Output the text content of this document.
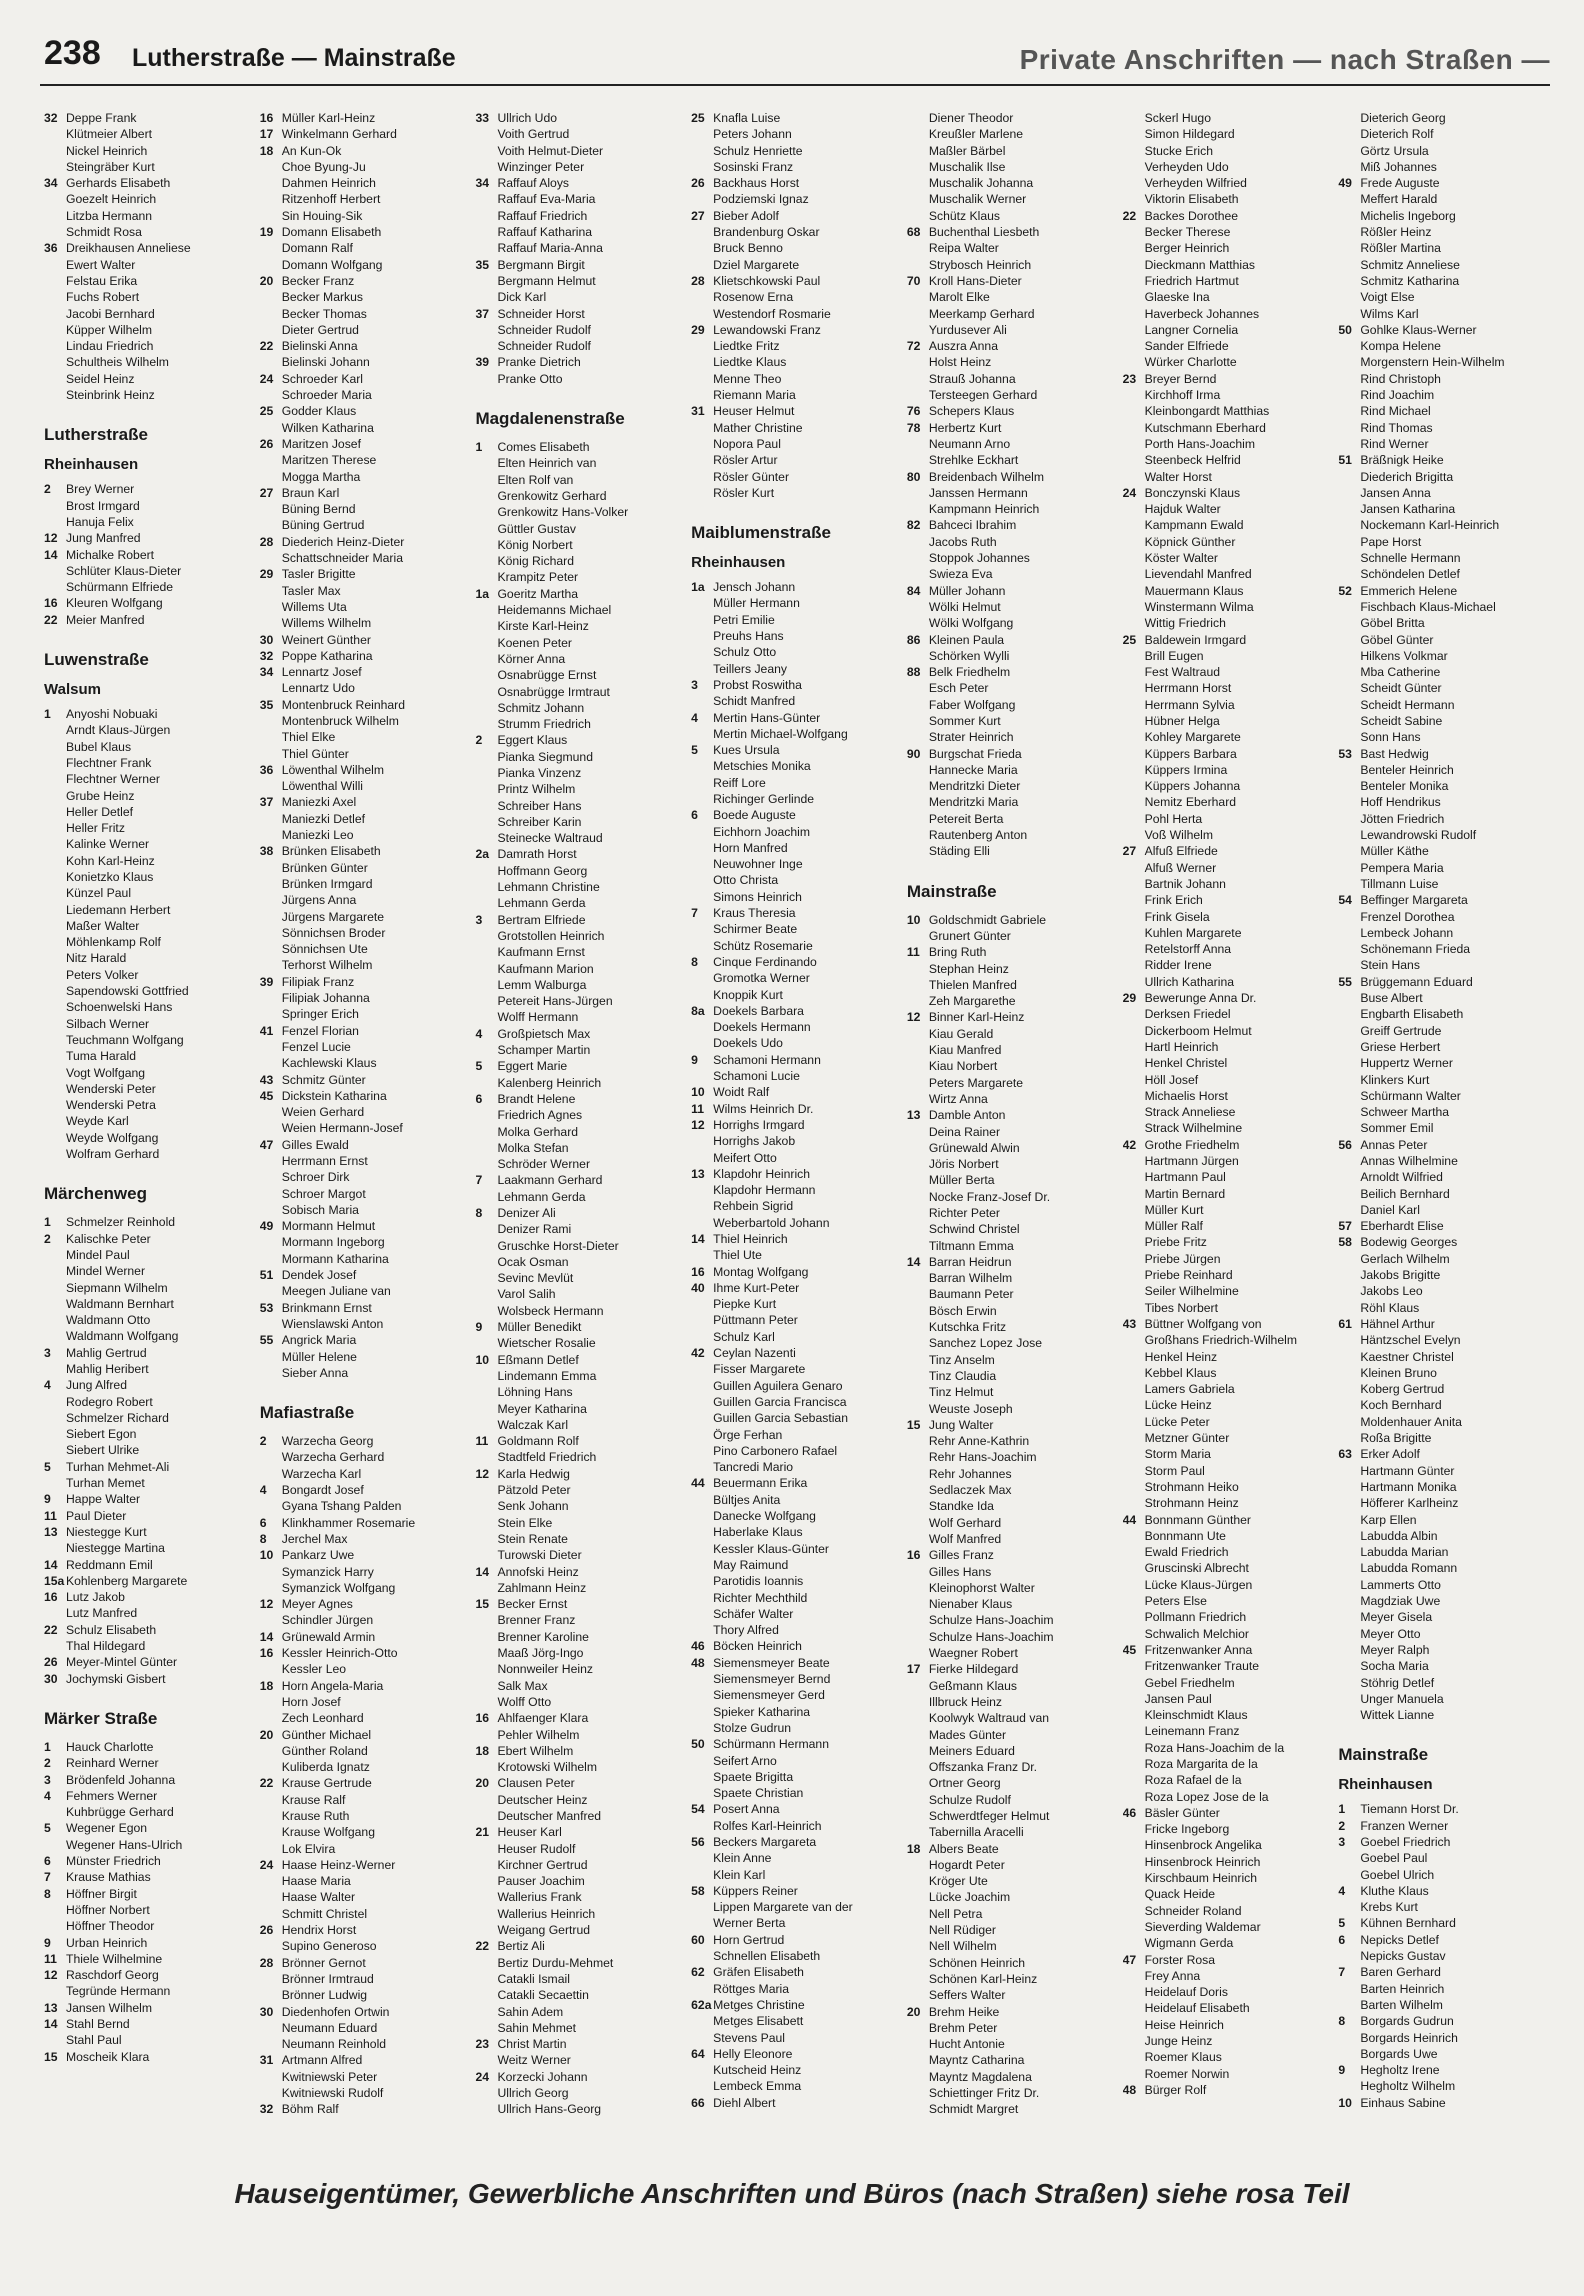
238 Lutherstraße — Mainstraße	Private Anschriften — nach Straßen —
32 Deppe Frank
Klütmeier Albert
Nickel Heinrich
Steingräber Kurt
34 Gerhards Elisabeth
Goezelt Heinrich
Litzba Hermann
Schmidt Rosa
36 Dreikhausen Anneliese
Ewert Walter
Felstau Erika
Fuchs Robert
Jacobi Bernhard
Küpper Wilhelm
Lindau Friedrich
Schultheis Wilhelm
Seidel Heinz
Steinbrink Heinz
Lutherstraße
Rheinhausen
2 Brey Werner
Brost Irmgard
Hanuja Felix
12 Jung Manfred
14 Michalke Robert
Schlüter Klaus-Dieter
Schürmann Elfriede
16 Kleuren Wolfgang
22 Meier Manfred
Luwenstraße
Walsum
1 Anyoshi Nobuaki
Arndt Klaus-Jürgen
Bubel Klaus
Flechtner Frank
Flechtner Werner
Grube Heinz
Heller Detlef
Heller Fritz
Kalinke Werner
Kohn Karl-Heinz
Konietzko Klaus
Künzel Paul
Liedemann Herbert
Maßer Walter
Möhlenkamp Rolf
Nitz Harald
Peters Volker
Sapendowski Gottfried
Schoenwelski Hans
Silbach Werner
Teuchmann Wolfgang
Tuma Harald
Vogt Wolfgang
Wenderski Peter
Wenderski Petra
Weyde Karl
Weyde Wolfgang
Wolfram Gerhard
Märchenweg
1 Schmelzer Reinhold
2 Kalischke Peter
Mindel Paul
Mindel Werner
Siepmann Wilhelm
Waldmann Bernhart
Waldmann Otto
Waldmann Wolfgang
3 Mahlig Gertrud
Mahlig Heribert
4 Jung Alfred
Rodegro Robert
Schmelzer Richard
Siebert Egon
Siebert Ulrike
5 Turhan Mehmet-Ali
Turhan Memet
9 Happe Walter
11 Paul Dieter
13 Niestegge Kurt
Niestegge Martina
14 Reddmann Emil
15a Kohlenberg Margarete
16 Lutz Jakob
Lutz Manfred
22 Schulz Elisabeth
Thal Hildegard
26 Meyer-Mintel Günter
30 Jochymski Gisbert
Märker Straße
1 Hauck Charlotte
2 Reinhard Werner
3 Brödenfeld Johanna
4 Fehmers Werner
Kuhbrügge Gerhard
5 Wegener Egon
Wegener Hans-Ulrich
6 Münster Friedrich
7 Krause Mathias
8 Höffner Birgit
Höffner Norbert
Höffner Theodor
9 Urban Heinrich
11 Thiele Wilhelmine
12 Raschdorf Georg
Tegründe Hermann
13 Jansen Wilhelm
14 Stahl Bernd
Stahl Paul
15 Moscheik Klara
16 Müller Karl-Heinz
17 Winkelmann Gerhard
18 An Kun-Ok
Choe Byung-Ju
Dahmen Heinrich
Ritzenhoff Herbert
Sin Houing-Sik
19 Domann Elisabeth
Domann Ralf
Domann Wolfgang
20 Becker Franz
Becker Markus
Becker Thomas
Dieter Gertrud
22 Bielinski Anna
Bielinski Johann
24 Schroeder Karl
Schroeder Maria
25 Godder Klaus
Wilken Katharina
26 Maritzen Josef
Maritzen Therese
Mogga Martha
27 Braun Karl
Büning Bernd
Büning Gertrud
28 Diederich Heinz-Dieter
Schattschneider Maria
29 Tasler Brigitte
Tasler Max
Willems Uta
Willems Wilhelm
30 Weinert Günther
32 Poppe Katharina
34 Lennartz Josef
Lennartz Udo
35 Montenbruck Reinhard
Montenbruck Wilhelm
Thiel Elke
Thiel Günter
36 Löwenthal Wilhelm
Löwenthal Willi
37 Maniezki Axel
Maniezki Detlef
Maniezki Leo
38 Brünken Elisabeth
Brünken Günter
Brünken Irmgard
Jürgens Anna
Jürgens Margarete
Sönnichsen Broder
Sönnichsen Ute
Terhorst Wilhelm
39 Filipiak Franz
Filipiak Johanna
Springer Erich
41 Fenzel Florian
Fenzel Lucie
Kachlewski Klaus
43 Schmitz Günter
45 Dickstein Katharina
Weien Gerhard
Weien Hermann-Josef
47 Gilles Ewald
Herrmann Ernst
Schroer Dirk
Schroer Margot
Sobisch Maria
49 Mormann Helmut
Mormann Ingeborg
Mormann Katharina
51 Dendek Josef
Meegen Juliane van
53 Brinkmann Ernst
Wienslawski Anton
55 Angrick Maria
Müller Helene
Sieber Anna
Mafiastraße
2 Warzecha Georg
Warzecha Gerhard
Warzecha Karl
4 Bongardt Josef
Gyana Tshang Palden
6 Klinkhammer Rosemarie
8 Jerchel Max
10 Pankarz Uwe
Symanzick Harry
Symanzick Wolfgang
12 Meyer Agnes
Schindler Jürgen
14 Grünewald Armin
16 Kessler Heinrich-Otto
Kessler Leo
18 Horn Angela-Maria
Horn Josef
Zech Leonhard
20 Günther Michael
Günther Roland
Kuliberda Ignatz
22 Krause Gertrude
Krause Ralf
Krause Ruth
Krause Wolfgang
Lok Elvira
24 Haase Heinz-Werner
Haase Maria
Haase Walter
Schmitt Christel
26 Hendrix Horst
Supino Generoso
28 Brönner Gernot
Brönner Irmtraud
Brönner Ludwig
30 Diedenhofen Ortwin
Neumann Eduard
Neumann Reinhold
31 Artmann Alfred
Kwitniewski Peter
Kwitniewski Rudolf
32 Böhm Ralf
33 Ullrich Udo
Voith Gertrud
Voith Helmut-Dieter
Winzinger Peter
34 Raffauf Aloys
Raffauf Eva-Maria
Raffauf Friedrich
Raffauf Katharina
Raffauf Maria-Anna
35 Bergmann Birgit
Bergmann Helmut
Dick Karl
37 Schneider Horst
Schneider Rudolf
Schneider Rudolf
39 Pranke Dietrich
Pranke Otto
Magdalenenstraße
1 Comes Elisabeth
Elten Heinrich van
Elten Rolf van
Grenkowitz Gerhard
Grenkowitz Hans-Volker
Güttler Gustav
König Norbert
König Richard
Krampitz Peter
1a Goeritz Martha
Heidemanns Michael
Kirste Karl-Heinz
Koenen Peter
Körner Anna
Osnabrügge Ernst
Osnabrügge Irmtraut
Schmitz Johann
Strumm Friedrich
2 Eggert Klaus
Pianka Siegmund
Pianka Vinzenz
Printz Wilhelm
Schreiber Hans
Schreiber Karin
Steinecke Waltraud
2a Damrath Horst
Hoffmann Georg
Lehmann Christine
Lehmann Gerda
3 Bertram Elfriede
Grotstollen Heinrich
Kaufmann Ernst
Kaufmann Marion
Lemm Walburga
Petereit Hans-Jürgen
Wolff Hermann
4 Großpietsch Max
Schamper Martin
5 Eggert Marie
Kalenberg Heinrich
6 Brandt Helene
Friedrich Agnes
Molka Gerhard
Molka Stefan
Schröder Werner
7 Laakmann Gerhard
Lehmann Gerda
8 Denizer Ali
Denizer Rami
Gruschke Horst-Dieter
Ocak Osman
Sevinc Mevlüt
Varol Salih
Wolsbeck Hermann
9 Müller Benedikt
Wietscher Rosalie
10 Eßmann Detlef
Lindemann Emma
Löhning Hans
Meyer Katharina
Walczak Karl
11 Goldmann Rolf
Stadtfeld Friedrich
12 Karla Hedwig
Pätzold Peter
Senk Johann
Stein Elke
Stein Renate
Turowski Dieter
14 Annofski Heinz
Zahlmann Heinz
15 Becker Ernst
Brenner Franz
Brenner Karoline
Maaß Jörg-Ingo
Nonnweiler Heinz
Salk Max
Wolff Otto
16 Ahlfaenger Klara
Pehler Wilhelm
18 Ebert Wilhelm
Krotowski Wilhelm
20 Clausen Peter
Deutscher Heinz
Deutscher Manfred
21 Heuser Karl
Heuser Rudolf
Kirchner Gertrud
Pauser Joachim
Wallerius Frank
Wallerius Heinrich
Weigang Gertrud
22 Bertiz Ali
Bertiz Durdu-Mehmet
Catakli Ismail
Catakli Secaettin
Sahin Adem
Sahin Mehmet
23 Christ Martin
Weitz Werner
24 Korzecki Johann
Ullrich Georg
Ullrich Hans-Georg
25 Knafla Luise
Peters Johann
Schulz Henriette
Sosinski Franz
26 Backhaus Horst
Podziemski Ignaz
27 Bieber Adolf
Brandenburg Oskar
Bruck Benno
Dziel Margarete
28 Klietschkowski Paul
Rosenow Erna
Westendorf Rosmarie
29 Lewandowski Franz
Liedtke Fritz
Liedtke Klaus
Menne Theo
Riemann Maria
31 Heuser Helmut
Mather Christine
Nopora Paul
Rösler Artur
Rösler Günter
Rösler Kurt
Maiblumenstraße
Rheinhausen
1a Jensch Johann
Müller Hermann
Petri Emilie
Preuhs Hans
Schulz Otto
Teillers Jeany
3 Probst Roswitha
Schidt Manfred
4 Mertin Hans-Günter
Mertin Michael-Wolfgang
5 Kues Ursula
Metschies Monika
Reiff Lore
Richinger Gerlinde
6 Boede Auguste
Eichhorn Joachim
Horn Manfred
Neuwohner Inge
Otto Christa
Simons Heinrich
7 Kraus Theresia
Schirmer Beate
Schütz Rosemarie
8 Cinque Ferdinando
Gromotka Werner
Knoppik Kurt
8a Doekels Barbara
Doekels Hermann
Doekels Udo
9 Schamoni Hermann
Schamoni Lucie
10 Woidt Ralf
11 Wilms Heinrich Dr.
12 Horrighs Irmgard
Horrighs Jakob
Meifert Otto
13 Klapdohr Heinrich
Klapdohr Hermann
Rehbein Sigrid
Weberbartold Johann
14 Thiel Heinrich
Thiel Ute
16 Montag Wolfgang
40 Ihme Kurt-Peter
Piepke Kurt
Püttmann Peter
Schulz Karl
42 Ceylan Nazenti
Fisser Margarete
Guillen Aguilera Genaro
Guillen Garcia Francisca
Guillen Garcia Sebastian
Örge Ferhan
Pino Carbonero Rafael
Tancredi Mario
44 Beuermann Erika
Bültjes Anita
Danecke Wolfgang
Haberlake Klaus
Kessler Klaus-Günter
May Raimund
Parotidis Ioannis
Richter Mechthild
Schäfer Walter
Thory Alfred
46 Böcken Heinrich
48 Siemensmeyer Beate
Siemensmeyer Bernd
Siemensmeyer Gerd
Spieker Katharina
Stolze Gudrun
50 Schürmann Hermann
Seifert Arno
Spaete Brigitta
Spaete Christian
54 Posert Anna
Rolfes Karl-Heinrich
56 Beckers Margareta
Klein Anne
Klein Karl
58 Küppers Reiner
Lippen Margarete van der
Werner Berta
60 Horn Gertrud
Schnellen Elisabeth
62 Gräfen Elisabeth
Röttges Maria
62a Metges Christine
Metges Elisabett
Stevens Paul
64 Helly Eleonore
Kutscheid Heinz
Lembeck Emma
66 Diehl Albert
Diener Theodor
Kreußler Marlene
Maßler Bärbel
Muschalik Ilse
Muschalik Johanna
Muschalik Werner
Schütz Klaus
68 Buchenthal Liesbeth
Reipa Walter
Strybosch Heinrich
70 Kroll Hans-Dieter
Marolt Elke
Meerkamp Gerhard
Yurdusever Ali
72 Auszra Anna
Holst Heinz
Strauß Johanna
Tersteegen Gerhard
76 Schepers Klaus
78 Herbertz Kurt
Neumann Arno
Strehlke Eckhart
80 Breidenbach Wilhelm
Janssen Hermann
Kampmann Heinrich
82 Bahceci Ibrahim
Jacobs Ruth
Stoppok Johannes
Swieza Eva
84 Müller Johann
Wölki Helmut
Wölki Wolfgang
86 Kleinen Paula
Schörken Wylli
88 Belk Friedhelm
Esch Peter
Faber Wolfgang
Sommer Kurt
Strater Heinrich
90 Burgschat Frieda
Hannecke Maria
Mendritzki Dieter
Mendritzki Maria
Petereit Berta
Rautenberg Anton
Städing Elli
Mainstraße
10 Goldschmidt Gabriele
Grunert Günter
11 Bring Ruth
Stephan Heinz
Thielen Manfred
Zeh Margarethe
12 Binner Karl-Heinz
Kiau Gerald
Kiau Manfred
Kiau Norbert
Peters Margarete
Wirtz Anna
13 Damble Anton
Deina Rainer
Grünewald Alwin
Jöris Norbert
Müller Berta
Nocke Franz-Josef Dr.
Richter Peter
Schwind Christel
Tiltmann Emma
14 Barran Heidrun
Barran Wilhelm
Baumann Peter
Bösch Erwin
Kutschka Fritz
Sanchez Lopez Jose
Tinz Anselm
Tinz Claudia
Tinz Helmut
Weuste Joseph
15 Jung Walter
Rehr Anne-Kathrin
Rehr Hans-Joachim
Rehr Johannes
Sedlaczek Max
Standke Ida
Wolf Gerhard
Wolf Manfred
16 Gilles Franz
Gilles Hans
Kleinophorst Walter
Nienaber Klaus
Schulze Hans-Joachim
Schulze Hans-Joachim
Waegner Robert
17 Fierke Hildegard
Geßmann Klaus
Illbruck Heinz
Koolwyk Waltraud van
Mades Günter
Meiners Eduard
Offszanka Franz Dr.
Ortner Georg
Schulze Rudolf
Schwerdtfeger Helmut
Tabernilla Aracelli
18 Albers Beate
Hogardt Peter
Kröger Ute
Lücke Joachim
Nell Petra
Nell Rüdiger
Nell Wilhelm
Schönen Heinrich
Schönen Karl-Heinz
Seffers Walter
20 Brehm Heike
Brehm Peter
Hucht Antonie
Mayntz Catharina
Mayntz Magdalena
Schiettinger Fritz Dr.
Schmidt Margret
Sckerl Hugo
Simon Hildegard
Stucke Erich
Verheyden Udo
Verheyden Wilfried
Viktorin Elisabeth
22 Backes Dorothee
Becker Therese
Berger Heinrich
Dieckmann Matthias
Friedrich Hartmut
Glaeske Ina
Haverbeck Johannes
Langner Cornelia
Sander Elfriede
Würker Charlotte
23 Breyer Bernd
Kirchhoff Irma
Kleinbongardt Matthias
Kutschmann Eberhard
Porth Hans-Joachim
Steenbeck Helfrid
Walter Horst
24 Bonczynski Klaus
Hajduk Walter
Kampmann Ewald
Köpnick Günther
Köster Walter
Lievendahl Manfred
Mauermann Klaus
Winstermann Wilma
Wittig Friedrich
25 Baldewein Irmgard
Brill Eugen
Fest Waltraud
Herrmann Horst
Herrmann Sylvia
Hübner Helga
Kohley Margarete
Küppers Barbara
Küppers Irmina
Küppers Johanna
Nemitz Eberhard
Pohl Herta
Voß Wilhelm
27 Alfuß Elfriede
Alfuß Werner
Bartnik Johann
Frink Erich
Frink Gisela
Kuhlen Margarete
Retelstorff Anna
Ridder Irene
Ullrich Katharina
29 Bewerunge Anna Dr.
Derksen Friedel
Dickerboom Helmut
Hartl Heinrich
Henkel Christel
Höll Josef
Michaelis Horst
Strack Anneliese
Strack Wilhelmine
42 Grothe Friedhelm
Hartmann Jürgen
Hartmann Paul
Martin Bernard
Müller Kurt
Müller Ralf
Priebe Fritz
Priebe Jürgen
Priebe Reinhard
Seiler Wilhelmine
Tibes Norbert
43 Büttner Wolfgang von
Großhans Friedrich-Wilhelm
Henkel Heinz
Kebbel Klaus
Lamers Gabriela
Lücke Heinz
Lücke Peter
Metzner Günter
Storm Maria
Storm Paul
Strohmann Heiko
Strohmann Heinz
44 Bonnmann Günther
Bonnmann Ute
Ewald Friedrich
Gruscinski Albrecht
Lücke Klaus-Jürgen
Peters Else
Pollmann Friedrich
Schwalich Melchior
45 Fritzenwanker Anna
Fritzenwanker Traute
Gebel Friedhelm
Jansen Paul
Kleinschmidt Klaus
Leinemann Franz
Roza Hans-Joachim de la
Roza Margarita de la
Roza Rafael de la
Roza Lopez Jose de la
46 Bäsler Günter
Fricke Ingeborg
Hinsenbrock Angelika
Hinsenbrock Heinrich
Kirschbaum Heinrich
Quack Heide
Schneider Roland
Sieverding Waldemar
Wigmann Gerda
47 Forster Rosa
Frey Anna
Heidelauf Doris
Heidelauf Elisabeth
Heise Heinrich
Junge Heinz
Roemer Klaus
Roemer Norwin
48 Bürger Rolf
Dieterich Georg
Dieterich Rolf
Görtz Ursula
Miß Johannes
49 Frede Auguste
Meffert Harald
Michelis Ingeborg
Rößler Heinz
Rößler Martina
Schmitz Anneliese
Schmitz Katharina
Voigt Else
Wilms Karl
50 Gohlke Klaus-Werner
Kompa Helene
Morgenstern Hein-Wilhelm
Rind Christoph
Rind Joachim
Rind Michael
Rind Thomas
Rind Werner
51 Bräßnigk Heike
Diederich Brigitta
Jansen Anna
Jansen Katharina
Nockemann Karl-Heinrich
Pape Horst
Schnelle Hermann
Schöndelen Detlef
52 Emmerich Helene
Fischbach Klaus-Michael
Göbel Britta
Göbel Günter
Hilkens Volkmar
Mba Catherine
Scheidt Günter
Scheidt Hermann
Scheidt Sabine
Sonn Hans
53 Bast Hedwig
Benteler Heinrich
Benteler Monika
Hoff Hendrikus
Jötten Friedrich
Lewandrowski Rudolf
Müller Käthe
Pempera Maria
Tillmann Luise
54 Beffinger Margareta
Frenzel Dorothea
Lembeck Johann
Schönemann Frieda
Stein Hans
55 Brüggemann Eduard
Buse Albert
Engbarth Elisabeth
Greiff Gertrude
Griese Herbert
Huppertz Werner
Klinkers Kurt
Schürmann Walter
Schweer Martha
Sommer Emil
56 Annas Peter
Annas Wilhelmine
Arnoldt Wilfried
Beilich Bernhard
Daniel Karl
57 Eberhardt Elise
58 Bodewig Georges
Gerlach Wilhelm
Jakobs Brigitte
Jakobs Leo
Röhl Klaus
61 Hähnel Arthur
Häntzschel Evelyn
Kaestner Christel
Kleinen Bruno
Koberg Gertrud
Koch Bernhard
Moldenhauer Anita
Roßa Brigitte
63 Erker Adolf
Hartmann Günter
Hartmann Monika
Höfferer Karlheinz
Karp Ellen
Labudda Albin
Labudda Marian
Labudda Romann
Lammerts Otto
Magdziak Uwe
Meyer Gisela
Meyer Otto
Meyer Ralph
Socha Maria
Stöhrig Detlef
Unger Manuela
Wittek Lianne
Mainstraße
Rheinhausen
1 Tiemann Horst Dr.
2 Franzen Werner
3 Goebel Friedrich
Goebel Paul
Goebel Ulrich
4 Kluthe Klaus
Krebs Kurt
5 Kühnen Bernhard
6 Nepicks Detlef
Nepicks Gustav
7 Baren Gerhard
Barten Heinrich
Barten Wilhelm
8 Borgards Gudrun
Borgards Heinrich
Borgards Uwe
9 Hegholtz Irene
Hegholtz Wilhelm
10 Einhaus Sabine
Hauseigentümer, Gewerbliche Anschriften und Büros (nach Straßen) siehe rosa Teil
